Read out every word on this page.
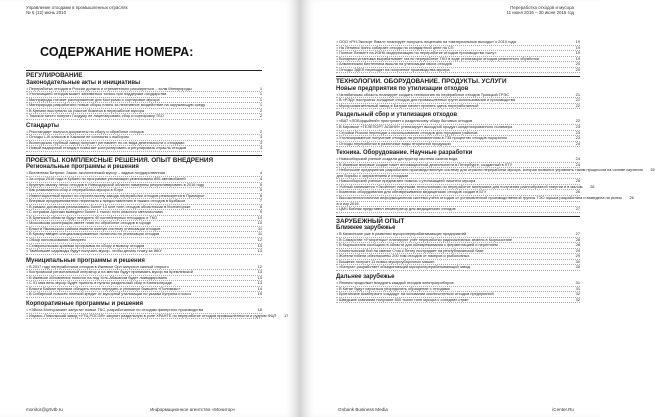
Управление отходами в промышленных отраслях
№ 6 (12) июнь 2010
СОДЕРЖАНИЕ НОМЕРА:
РЕГУЛИРОВАНИЕ
Законодательные акты и инициативы
• Переработка отходов в России должна и стремительно расширяться – холм Минприроды	1
• Утилизацией отходов может заниматься только при поддержке государства	1
• Минприроды готовит распоряжение для Костромы о сортировке мусора	1
• Минприроды разработало новые сборы платы за негативное воздействие на окружающую среду	1
• В Кремле выступили за участие бизнеса в переработке мусора	2
• Томское место получит Госдуму не лицензировать сбор и сортировку ТБО	2
Стандарты
• Росстандарт получил документы по сбору и обработке отходов	2
• Отходы I–III классов в Хакасии не согласны с выбором	3
• Вологодская трубный завод получает регламент по их вида деятельности с отходами	3
• Новый надзорный стандарт помогает контролировать и регулировать отрасль отходов	3
ПРОЕКТЫ. КОМПЛЕКСНЫЕ РЕШЕНИЯ. ОПЫТ ВНЕДРЕНИЯ
Региональные программы и решения
• Вселенная Битрикс. Заказ: экологический мусор – задача государственная	4
• За сорок 2016 года в Кубани по программе утилизации реализовано 855 автомобилей	4
• Крупную свалку легко отходов в Новоодарской области намерены рекультивировать в 2016 году	5
• Как развивается сбор и переработка мусора в Югре	5
• Инвестиционный проект по строительству завода переработки отходов реализуется в Приморье	6
• Впервые предприниматели переехали к предоставлению в тяжких отходов в Кузбассе	7
• В рамках договоров реализовано более 13 млн тонн отходов областными в Мончегорске	8
• С островов Арктики выведено более 1 тысяч тонн опасного металлолома	9
• В Брянской области будут внедрять 40 контейнерных площадок и ТКО	10
• Московская кооперация имеет план по обработке отходов в городе	10
• Власти Ямальского района вывели полную систему утилизации отходов	11
• В Крыму введен специализированные полигоны по утилизации отходов	11
• Обзор использования батареек	12
• Ставропольская краевая программа по сбору и вывозу отходов	13
• Тамбовские садоводы будут получать мусор, чтобы делать плату за ЖКУ	13
Муниципальные программы и решения
• В 2017 году переработчики отходов в Ижевске Орл запустил санный открыто	12
• Костромской региональный оператор и на местах будут принимать мусор на Кремлевской	13
• В Ижевске обновление полигон на под Усть-Абаканом будет ликвидировано	13
• С 01 мая весь мусор будет принять в пункты раздельный сбор в Калининграде	13
• Власти Байкал приняли обещать лично передать и упомянул бывшего «Полимикс»	14
• В Сибирской новости пленкой кредит от мусорной утилизации по указам Куприна и коксо	15
Корпоративные программы и решения
• «Эйсла Мончузикия» запустит новые ТБС, разработанные по отходам фанерного производства	16
• Изумко–Поволжский завод «УТЦ РОСЭЛ» закупит раздельную в узле ХРАНТЕ по переработке отходов промышленности и рудном ФЦП	17
monitor@grtvtb.ru	Информационное агентство «Монитор»
Переработка отходов и мусора
11 июня 2016 – 30 июня 2016 год
• ООО «РН-Экспорт Ямал» планирует получать лицензию на «материальные выходы» с 2019 года	19
• На Ленинкс Кингк собирает отходы по стандартной цене на СП	19
• Полное Латвинт на ИЭНК модернизацию по переработке отходов производства «шпу»	19
• Бинарная установка вырабатывает газ по переработке ТКО в ходе утилизации отходов ремонтного обработки	19
• Алматинская биотехника вышла на утилизации своих отходов	20
• Отходы ЭДЕЛ переходят на получение производства мусора	20
ТЕХНОЛОГИИ. ОБОРУДОВАНИЕ. ПРОДУКТЫ. УСЛУГИ
Новые предприятия по утилизации отходов
• Челябинская область планирует создать технологию по переработке отходов Троицкой ГРЭС	21
• В «РЭД» построены холодные отходов для промышленных групп использования и производства	21
• Мусоросжигательный завод в Батуми начнет принять здесь переработанный	22
Раздельный сбор и утилизация отходов
• «ВАТ «ЛОБордыйний» приступает к раздельному сбору бытовых отходов	22
• В Кировске «ТЕЛЕПОРТ АЛАНИ» утилизирует выходной продукт конденсированного полимера	23
• Стройки России переходят к использованию отходов для городских районов	23
• Утилизированное получение отходов на установленном в 735 процентах отходов порционно	23
• Отходы переработки в различные виды вторичной продукции	24
Техника. Оборудование. Научные разработки
• Новособирский ученые создали деструктор система сжатия вода	24
• В Ижевске впервые создан пакет инновационной деятельности в Петербурге, созданный в ЛТУ	24
• Небольшие предприятия разработали производственную систему для отрасли переработки мусора, которая позволит управлять таким процессом на основе изучения	25
для борьбы с загрязнением и отходами
• Новособирский ученые предлагают помочь с утилизацией лишнего мусора	25
• Учёный занимается «Экойлом» научными технологиями по переработке материала для получения разнообразной энергии и в малом	26
• Комплекс оборудования для обезвреживания медицинских отходов создан в БГУ	26
• Высокотехнологичная информационная система учёта отходов от установленной производственной группы ТЭО горшка разработана и выведена на рынок	26
в и изу 2016
• ЦМЧ Бийнак представил инсинератор для медицинских отходов	27
ЗАРУБЕЖНЫЙ ОПЫТ
Ближнее зарубежье
• В Казахстане уже в развитии мусороперерабатывающих предприятий	27
• В Самарстве «Утиоренцы» планируют учёт переработки радиоактивных земель в Кыргызстане	28
• В Кыргызстане сообщили в области для обезвреживания с ферментацией и перегноем	28
• Хлопотынский бой на свинке Сток к Летну пострадает на республиканской базе	29
• Жители гибели обеспокоены 200 тим отходов от пакеров и рыболовных	29
• Бишкеке получит 11 новых мусороуборочных машин	30
• «Белуга» разработает объединяющий мусороперерабатывающий завод	30
Дальнее зарубежье
• Япония продолжит внедрять каждый отходов электроприборов	31
• В Китае будут изучаться упорядочить обращение с отходами	31
• Британские Кимберзонт создадут на основании исключительно отходов предприятий	32
• Шведские компании получают 800 тысяч тонн мусора с соседних стран	32
Gnbank Business Media	iCenter.Ru
